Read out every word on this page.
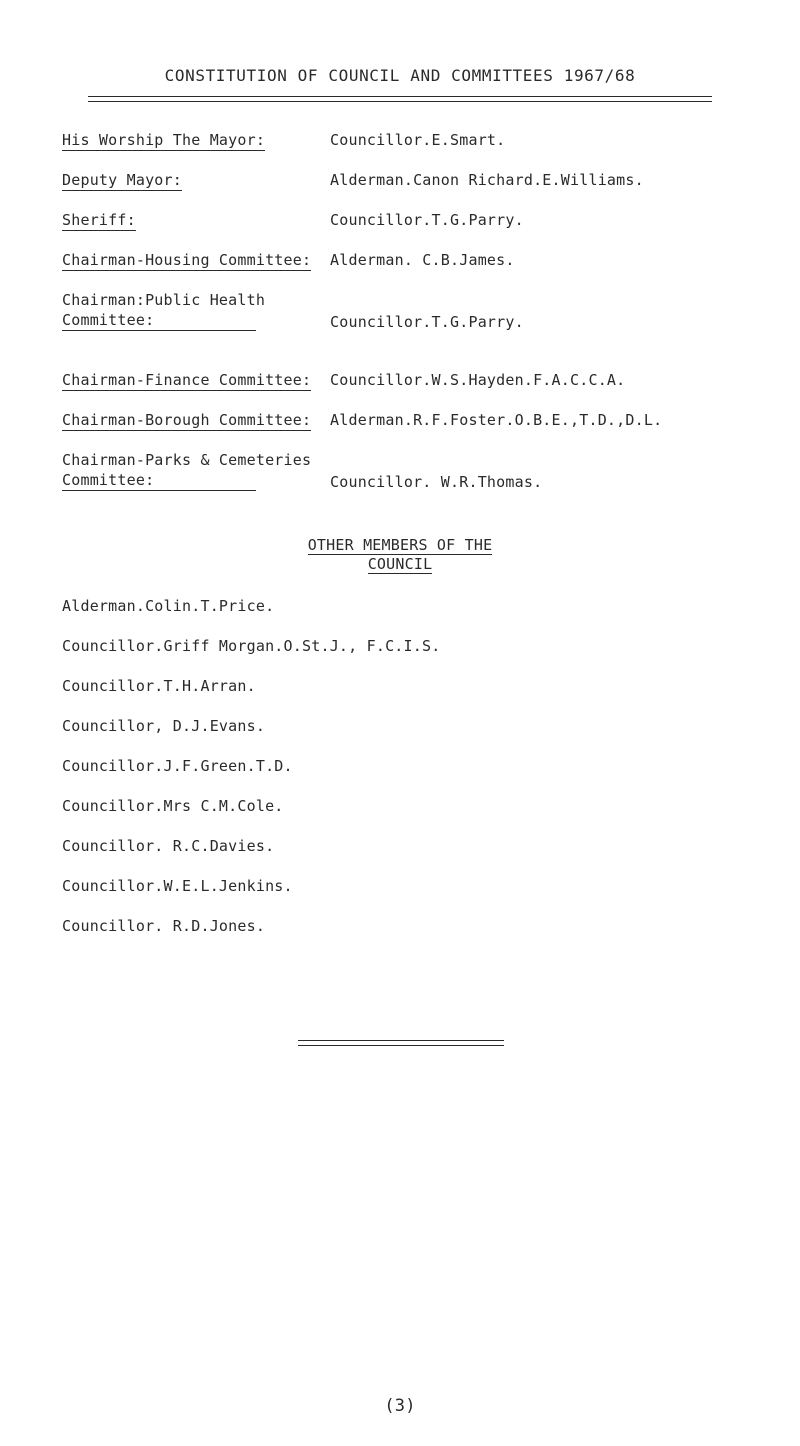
CONSTITUTION OF COUNCIL AND COMMITTEES 1967/68
His Worship The Mayor:	Councillor.E.Smart.
Deputy Mayor:	Alderman.Canon Richard.E.Williams.
Sheriff:	Councillor.T.G.Parry.
Chairman-Housing Committee:	Alderman. C.B.James.
Chairman:Public Health
Committee:	Councillor.T.G.Parry.
Chairman-Finance Committee:	Councillor.W.S.Hayden.F.A.C.C.A.
Chairman-Borough Committee:	Alderman.R.F.Foster.O.B.E.,T.D.,D.L.
Chairman-Parks & Cemeteries
Committee:	Councillor. W.R.Thomas.
OTHER MEMBERS OF THE
COUNCIL
Alderman.Colin.T.Price.
Councillor.Griff Morgan.O.St.J., F.C.I.S.
Councillor.T.H.Arran.
Councillor, D.J.Evans.
Councillor.J.F.Green.T.D.
Councillor.Mrs C.M.Cole.
Councillor. R.C.Davies.
Councillor.W.E.L.Jenkins.
Councillor. R.D.Jones.
(3)
